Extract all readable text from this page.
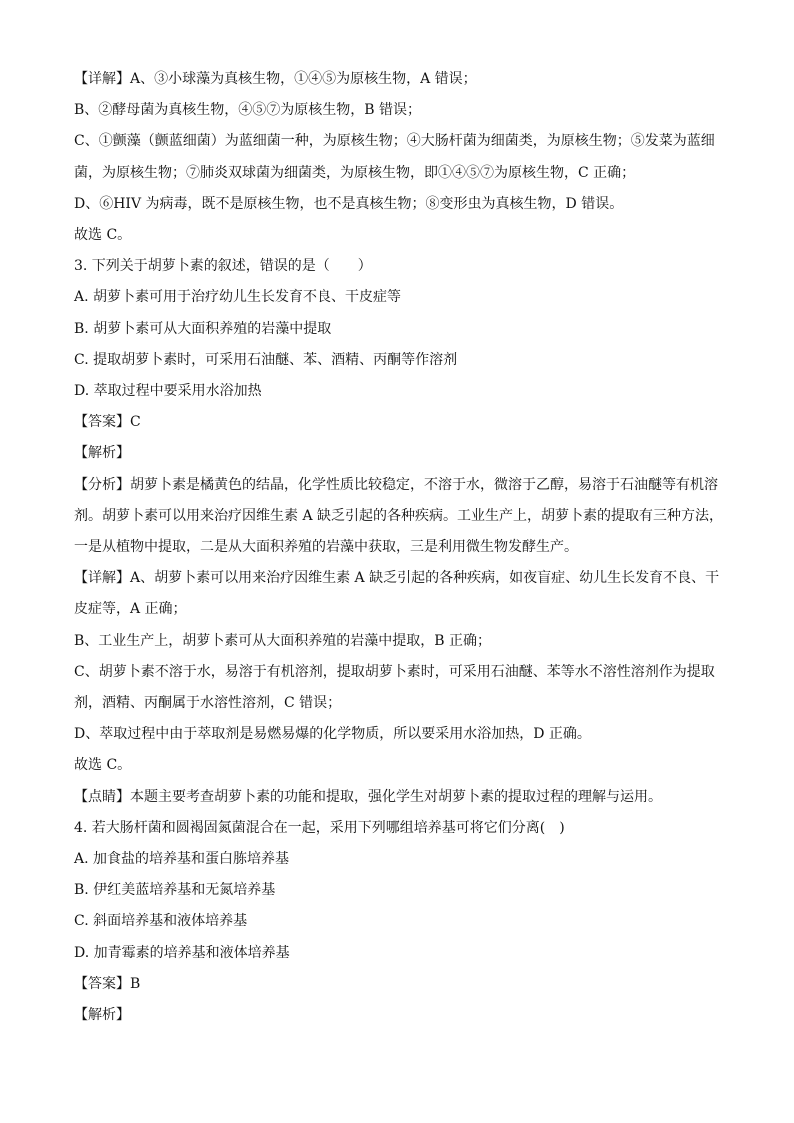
【详解】A、③小球藻为真核生物，①④⑤为原核生物，A 错误；
B、②酵母菌为真核生物，④⑤⑦为原核生物，B 错误；
C、①颤藻（颤蓝细菌）为蓝细菌一种，为原核生物；④大肠杆菌为细菌类，为原核生物；⑤发菜为蓝细
菌，为原核生物；⑦肺炎双球菌为细菌类，为原核生物，即①④⑤⑦为原核生物，C 正确；
D、⑥HIV 为病毒，既不是原核生物，也不是真核生物；⑧变形虫为真核生物，D 错误。
故选 C。
3. 下列关于胡萝卜素的叙述，错误的是（　　）
A. 胡萝卜素可用于治疗幼儿生长发育不良、干皮症等
B. 胡萝卜素可从大面积养殖的岩藻中提取
C. 提取胡萝卜素时，可采用石油醚、苯、酒精、丙酮等作溶剂
D. 萃取过程中要采用水浴加热
【答案】C
【解析】
【分析】胡萝卜素是橘黄色的结晶，化学性质比较稳定，不溶于水，微溶于乙醇，易溶于石油醚等有机溶
剂。胡萝卜素可以用来治疗因维生素 A 缺乏引起的各种疾病。工业生产上，胡萝卜素的提取有三种方法，
一是从植物中提取，二是从大面积养殖的岩藻中获取，三是利用微生物发酵生产。
【详解】A、胡萝卜素可以用来治疗因维生素 A 缺乏引起的各种疾病，如夜盲症、幼儿生长发育不良、干
皮症等，A 正确；
B、工业生产上，胡萝卜素可从大面积养殖的岩藻中提取，B 正确；
C、胡萝卜素不溶于水，易溶于有机溶剂，提取胡萝卜素时，可采用石油醚、苯等水不溶性溶剂作为提取
剂，酒精、丙酮属于水溶性溶剂，C 错误；
D、萃取过程中由于萃取剂是易燃易爆的化学物质，所以要采用水浴加热，D 正确。
故选 C。
【点睛】本题主要考查胡萝卜素的功能和提取，强化学生对胡萝卜素的提取过程的理解与运用。
4. 若大肠杆菌和圆褐固氮菌混合在一起，采用下列哪组培养基可将它们分离(　)
A. 加食盐的培养基和蛋白胨培养基
B. 伊红美蓝培养基和无氮培养基
C. 斜面培养基和液体培养基
D. 加青霉素的培养基和液体培养基
【答案】B
【解析】
